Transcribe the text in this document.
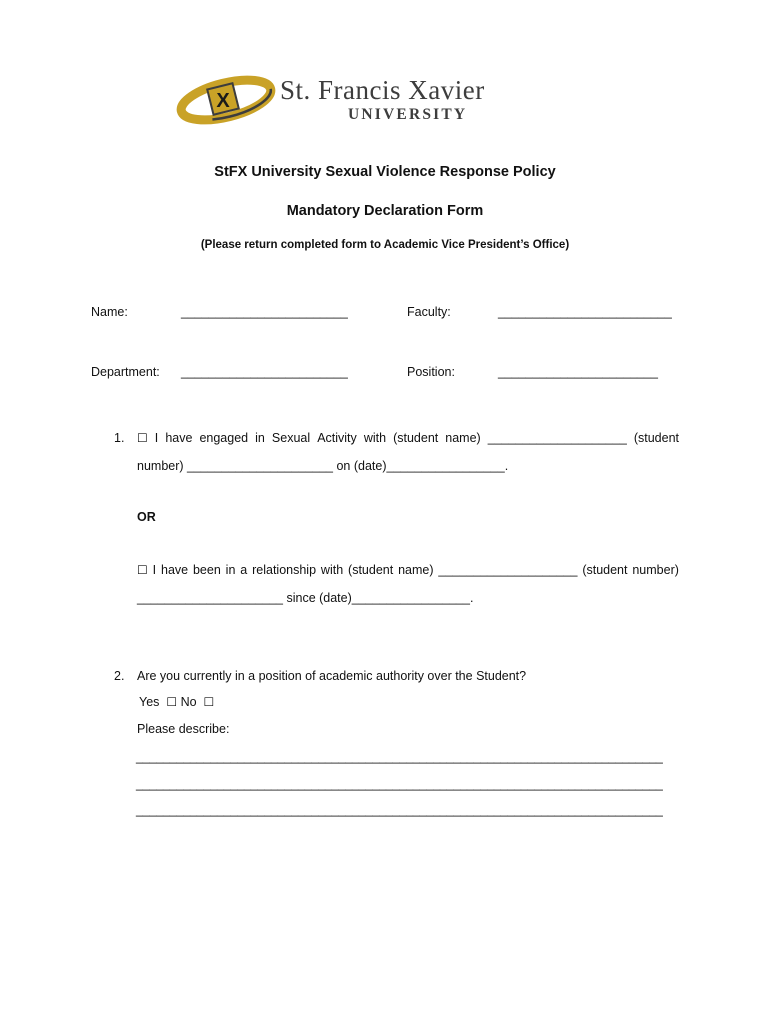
X St. Francis Xavier
UNIVERSITY
StFX University Sexual Violence Response Policy
Mandatory Declaration Form
(Please return completed form to Academic Vice President’s Office)
Name:	________________________	Faculty:	_________________________
Department: ________________________	Position:	_______________________
1. ☐ I have engaged in Sexual Activity with (student name) ____________________ (student
number) _____________________ on (date)_________________.
OR
☐ I have been in a relationship with (student name) ____________________ (student number)
_____________________ since (date)_________________.
2. Are you currently in a position of academic authority over the Student?
Yes ☐ No ☐
Please describe:
______________________________________________________________________________
______________________________________________________________________________
______________________________________________________________________________
